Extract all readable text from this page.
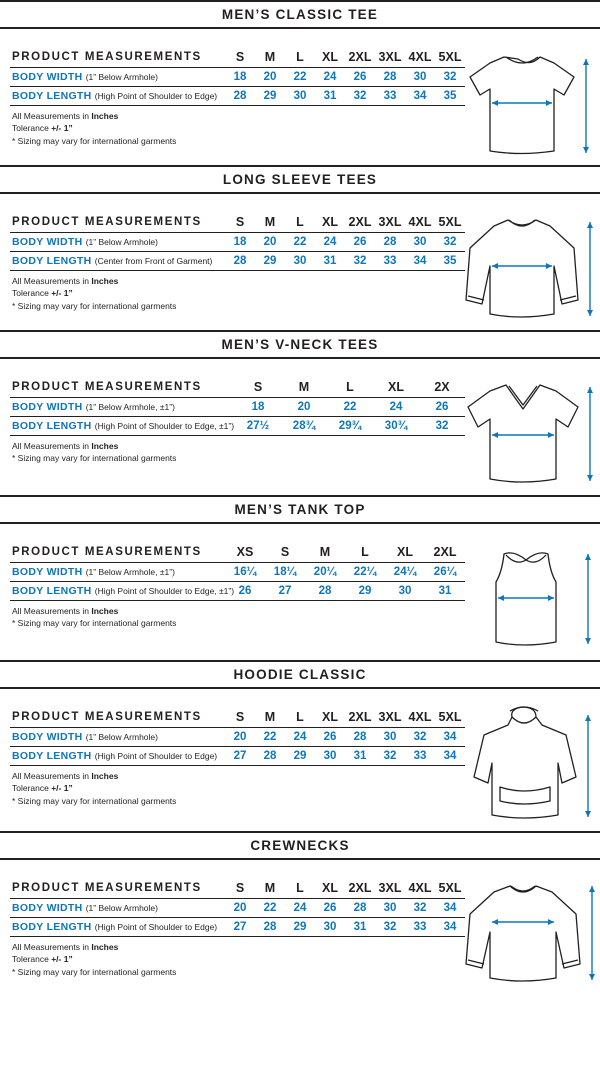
MEN’S CLASSIC TEE
PRODUCT MEASUREMENTS	S	M	L	XL	2XL	3XL	4XL	5XL
BODY WIDTH (1” Below Armhole)	18	20	22	24	26	28	30	32
BODY LENGTH (High Point of Shoulder to Edge)	28	29	30	31	32	33	34	35
All Measurements in Inches
Tolerance +/- 1”
* Sizing may vary for international garments
LONG SLEEVE TEES
PRODUCT MEASUREMENTS	S	M	L	XL	2XL	3XL	4XL	5XL
BODY WIDTH (1” Below Armhole)	18	20	22	24	26	28	30	32
BODY LENGTH (Center from Front of Garment)	28	29	30	31	32	33	34	35
All Measurements in Inches
Tolerance +/- 1”
* Sizing may vary for international garments
MEN’S V-NECK TEES
PRODUCT MEASUREMENTS	S	M	L	XL	2X
BODY WIDTH (1” Below Armhole, ±1”)	18	20	22	24	26
BODY LENGTH (High Point of Shoulder to Edge, ±1”)	27½	28¾	29¾	30¾	32
All Measurements in Inches
* Sizing may vary for international garments
MEN’S TANK TOP
PRODUCT MEASUREMENTS	XS	S	M	L	XL	2XL
BODY WIDTH (1” Below Armhole, ±1”)	16¼	18¼	20¼	22¼	24¼	26¼
BODY LENGTH (High Point of Shoulder to Edge, ±1”)	26	27	28	29	30	31
All Measurements in Inches
* Sizing may vary for international garments
HOODIE CLASSIC
PRODUCT MEASUREMENTS	S	M	L	XL	2XL	3XL	4XL	5XL
BODY WIDTH (1” Below Armhole)	20	22	24	26	28	30	32	34
BODY LENGTH (High Point of Shoulder to Edge)	27	28	29	30	31	32	33	34
All Measurements in Inches
Tolerance +/- 1”
* Sizing may vary for international garments
CREWNECKS
PRODUCT MEASUREMENTS	S	M	L	XL	2XL	3XL	4XL	5XL
BODY WIDTH (1” Below Armhole)	20	22	24	26	28	30	32	34
BODY LENGTH (High Point of Shoulder to Edge)	27	28	29	30	31	32	33	34
All Measurements in Inches
Tolerance +/- 1”
* Sizing may vary for international garments
